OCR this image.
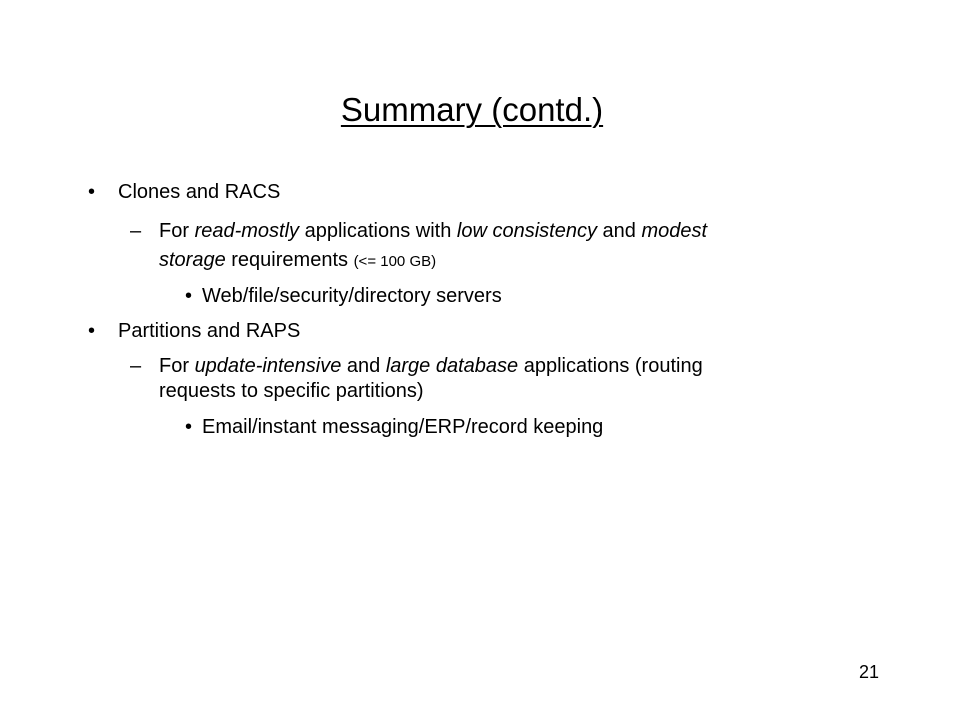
Summary (contd.)
• Clones and RACS
– For read-mostly applications with low consistency and modest
storage requirements (<= 100 GB)
• Web/file/security/directory servers
• Partitions and RAPS
– For update-intensive and large database applications (routing
requests to specific partitions)
• Email/instant messaging/ERP/record keeping
21
